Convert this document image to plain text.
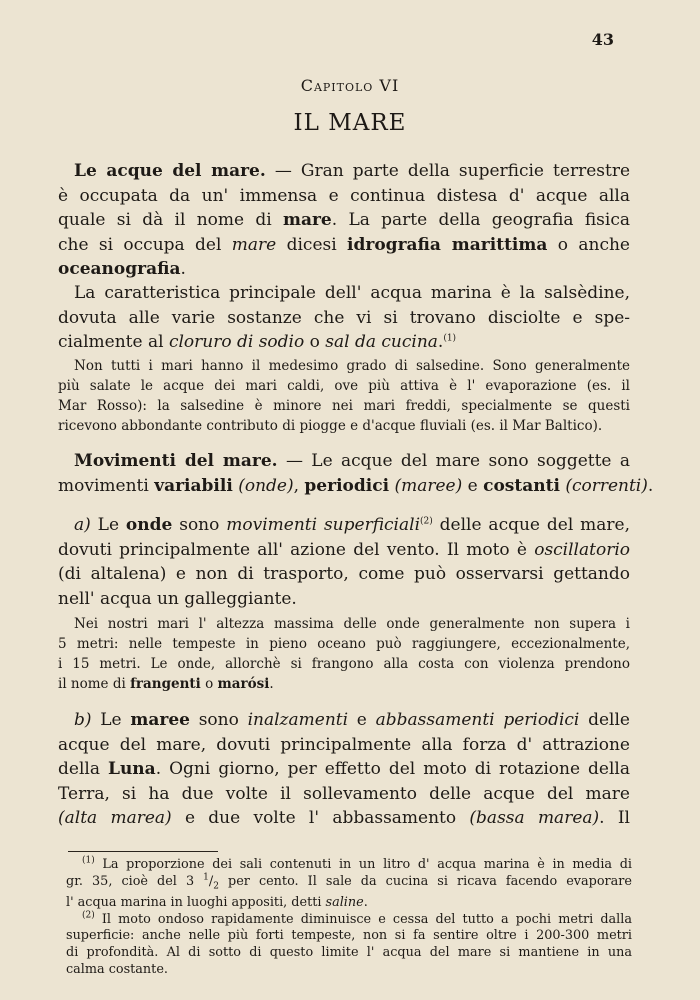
43
Capitolo VI
IL MARE
Le acque del mare. — Gran parte della superficie terrestre
è occupata da un' immensa e continua distesa d' acque alla
quale si dà il nome di mare. La parte della geografia fisica
che si occupa del mare dicesi idrografia marittima o anche
oceanografia.
La caratteristica principale dell' acqua marina è la salsèdine,
dovuta alle varie sostanze che vi si trovano disciolte e spe-
cialmente al cloruro di sodio o sal da cucina.$^{(1)}$
Non tutti i mari hanno il medesimo grado di salsedine. Sono generalmente
più salate le acque dei mari caldi, ove più attiva è l' evaporazione (es. il
Mar Rosso): la salsedine è minore nei mari freddi, specialmente se questi
ricevono abbondante contributo di piogge e d'acque fluviali (es. il Mar Baltico).
Movimenti del mare. — Le acque del mare sono soggette a
movimenti variabili (onde), periodici (maree) e costanti (correnti).
a) Le onde sono movimenti superficiali$^{(2)}$ delle acque del mare,
dovuti principalmente all' azione del vento. Il moto è oscillatorio
(di altalena) e non di trasporto, come può osservarsi gettando
nell' acqua un galleggiante.
Nei nostri mari l' altezza massima delle onde generalmente non supera i
5 metri: nelle tempeste in pieno oceano può raggiungere, eccezionalmente,
i 15 metri. Le onde, allorchè si frangono alla costa con violenza prendono
il nome di frangenti o marósi.
b) Le maree sono inalzamenti e abbassamenti periodici delle
acque del mare, dovuti principalmente alla forza d' attrazione
della Luna. Ogni giorno, per effetto del moto di rotazione della
Terra, si ha due volte il sollevamento delle acque del mare
(alta marea) e due volte l' abbassamento (bassa marea). Il
$^{(1)}$ La proporzione dei sali contenuti in un litro d' acqua marina è in media di
gr. 35, cioè del 3 $^1/_2$ per cento. Il sale da cucina si ricava facendo evaporare
l' acqua marina in luoghi appositi, detti saline.
$^{(2)}$ Il moto ondoso rapidamente diminuisce e cessa del tutto a pochi metri dalla
superficie: anche nelle più forti tempeste, non si fa sentire oltre i 200-300 metri
di profondità. Al di sotto di questo limite l' acqua del mare si mantiene in una
calma costante.
